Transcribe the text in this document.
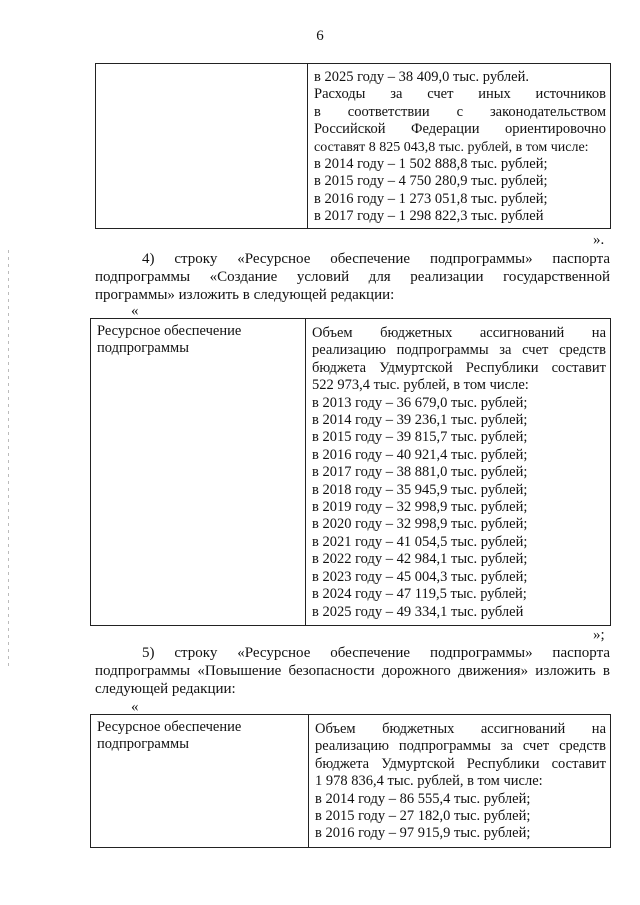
6

в 2025 году – 38 409,0 тыс. рублей.
Расходы за счет иных источников
в соответствии с законодательством
Российской Федерации ориентировочно
составят 8 825 043,8 тыс. рублей, в том числе:
в 2014 году – 1 502 888,8 тыс. рублей;
в 2015 году – 4 750 280,9 тыс. рублей;
в 2016 году – 1 273 051,8 тыс. рублей;
в 2017 году – 1 298 822,3 тыс. рублей
».
4) строку «Ресурсное обеспечение подпрограммы» паспорта
подпрограммы «Создание условий для реализации государственной
программы» изложить в следующей редакции:
«
Ресурсное обеспечение
подпрограммы

Объем бюджетных ассигнований на
реализацию подпрограммы за счет средств
бюджета Удмуртской Республики составит
522 973,4 тыс. рублей, в том числе:
в 2013 году – 36 679,0 тыс. рублей;
в 2014 году – 39 236,1 тыс. рублей;
в 2015 году – 39 815,7 тыс. рублей;
в 2016 году – 40 921,4 тыс. рублей;
в 2017 году – 38 881,0 тыс. рублей;
в 2018 году – 35 945,9 тыс. рублей;
в 2019 году – 32 998,9 тыс. рублей;
в 2020 году – 32 998,9 тыс. рублей;
в 2021 году – 41 054,5 тыс. рублей;
в 2022 году – 42 984,1 тыс. рублей;
в 2023 году – 45 004,3 тыс. рублей;
в 2024 году – 47 119,5 тыс. рублей;
в 2025 году – 49 334,1 тыс. рублей
»;
5) строку «Ресурсное обеспечение подпрограммы» паспорта
подпрограммы «Повышение безопасности дорожного движения» изложить в
следующей редакции:
«
Ресурсное обеспечение
подпрограммы

Объем бюджетных ассигнований на
реализацию подпрограммы за счет средств
бюджета Удмуртской Республики составит
1 978 836,4 тыс. рублей, в том числе:
в 2014 году – 86 555,4 тыс. рублей;
в 2015 году – 27 182,0 тыс. рублей;
в 2016 году – 97 915,9 тыс. рублей;
